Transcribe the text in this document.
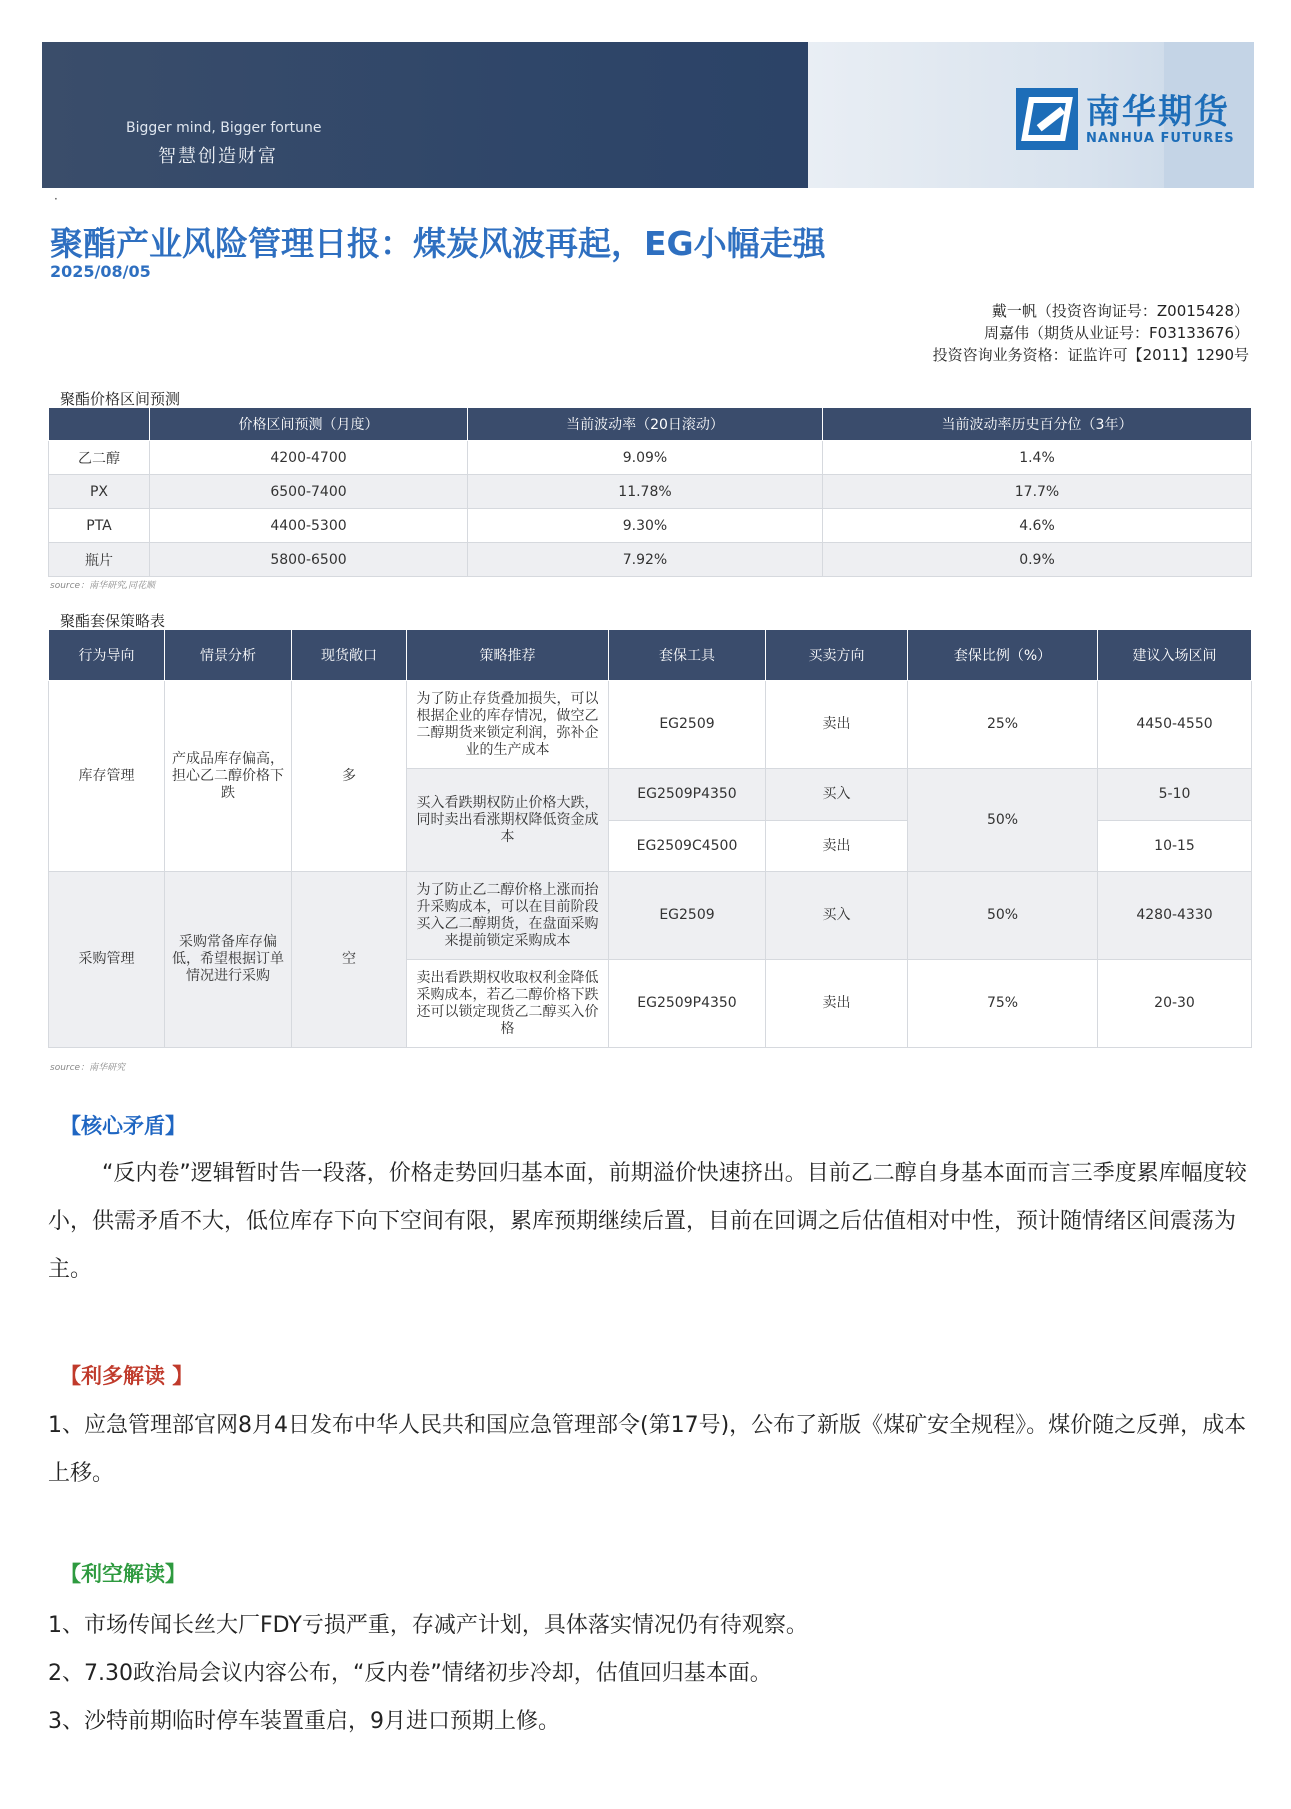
Bigger mind, Bigger fortune
智慧创造财富
南华期货
NANHUA FUTURES
·
聚酯产业风险管理日报：煤炭风波再起，EG小幅走强
2025/08/05
戴一帆（投资咨询证号：Z0015428）
周嘉伟（期货从业证号：F03133676）
投资咨询业务资格：证监许可【2011】1290号
聚酯价格区间预测
	价格区间预测（月度）	当前波动率（20日滚动）	当前波动率历史百分位（3年）
乙二醇	4200-4700	9.09%	1.4%
PX	6500-7400	11.78%	17.7%
PTA	4400-5300	9.30%	4.6%
瓶片	5800-6500	7.92%	0.9%
source：南华研究,同花顺
聚酯套保策略表
行为导向	情景分析	现货敞口	策略推荐	套保工具	买卖方向	套保比例（%）	建议入场区间
库存管理	产成品库存偏高，担心乙二醇价格下跌	多	为了防止存货叠加损失，可以根据企业的库存情况，做空乙二醇期货来锁定利润，弥补企业的生产成本	EG2509	卖出	25%	4450-4550
			买入看跌期权防止价格大跌，同时卖出看涨期权降低资金成本	EG2509P4350	买入	50%	5-10
				EG2509C4500	卖出		10-15
采购管理	采购常备库存偏低，希望根据订单情况进行采购	空	为了防止乙二醇价格上涨而抬升采购成本，可以在目前阶段买入乙二醇期货，在盘面采购来提前锁定采购成本	EG2509	买入	50%	4280-4330
			卖出看跌期权收取权利金降低采购成本，若乙二醇价格下跌还可以锁定现货乙二醇买入价格	EG2509P4350	卖出	75%	20-30
source：南华研究
【核心矛盾】
“反内卷”逻辑暂时告一段落，价格走势回归基本面，前期溢价快速挤出。目前乙二醇自身基本面而言三季度累库幅度较小，供需矛盾不大，低位库存下向下空间有限，累库预期继续后置，目前在回调之后估值相对中性，预计随情绪区间震荡为主。
【利多解读 】
1、应急管理部官网8月4日发布中华人民共和国应急管理部令(第17号)，公布了新版《煤矿安全规程》。煤价随之反弹，成本上移。
【利空解读】
1、市场传闻长丝大厂FDY亏损严重，存减产计划，具体落实情况仍有待观察。
2、7.30政治局会议内容公布，“反内卷”情绪初步冷却，估值回归基本面。
3、沙特前期临时停车装置重启，9月进口预期上修。
